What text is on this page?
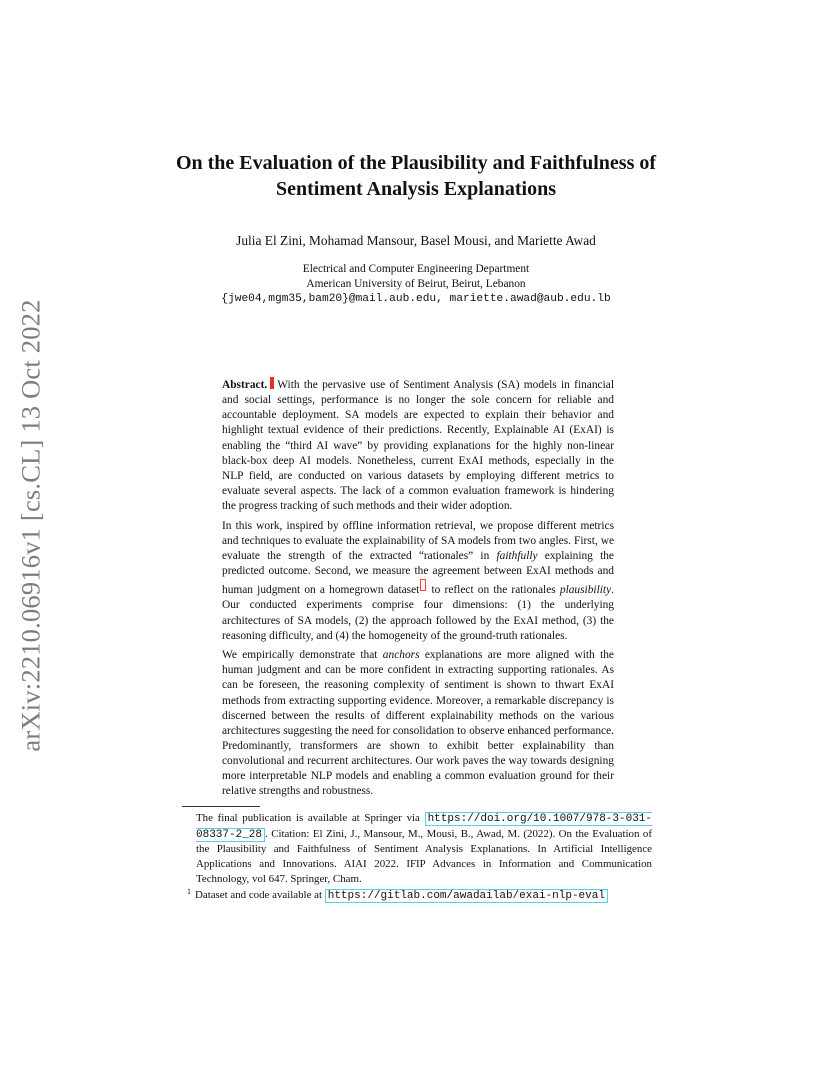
arXiv:2210.06916v1 [cs.CL] 13 Oct 2022
On the Evaluation of the Plausibility and Faithfulness of
Sentiment Analysis Explanations
Julia El Zini, Mohamad Mansour, Basel Mousi, and Mariette Awad
Electrical and Computer Engineering Department
American University of Beirut, Beirut, Lebanon
{jwe04,mgm35,bam20}@mail.aub.edu, mariette.awad@aub.edu.lb

Abstract. With the pervasive use of Sentiment Analysis (SA) models in financial and social settings, performance is no longer the sole concern for reliable and accountable deployment. SA models are expected to explain their behavior and highlight textual evidence of their predictions. Recently, Explainable AI (ExAI) is enabling the “third AI wave” by providing explanations for the highly non-linear black-box deep AI models. Nonetheless, current ExAI methods, especially in the NLP field, are conducted on various datasets by employing different metrics to evaluate several aspects. The lack of a common evaluation framework is hindering the progress tracking of such methods and their wider adoption.

In this work, inspired by offline information retrieval, we propose different metrics and techniques to evaluate the explainability of SA models from two angles. First, we evaluate the strength of the extracted “rationales” in faithfully explaining the predicted outcome. Second, we measure the agreement between ExAI methods and human judgment on a homegrown dataset to reflect on the rationales plausibility. Our conducted experiments comprise four dimensions: (1) the underlying architectures of SA models, (2) the approach followed by the ExAI method, (3) the reasoning difficulty, and (4) the homogeneity of the ground-truth rationales.

We empirically demonstrate that anchors explanations are more aligned with the human judgment and can be more confident in extracting supporting rationales. As can be foreseen, the reasoning complexity of sentiment is shown to thwart ExAI methods from extracting supporting evidence. Moreover, a remarkable discrepancy is discerned between the results of different explainability methods on the various architectures suggesting the need for consolidation to observe enhanced performance. Predominantly, transformers are shown to exhibit better explainability than convolutional and recurrent architectures. Our work paves the way towards designing more interpretable NLP models and enabling a common evaluation ground for their relative strengths and robustness.

The final publication is available at Springer via https://doi.org/10.1007/978-3-031-08337-2_28 . Citation: El Zini, J., Mansour, M., Mousi, B., Awad, M. (2022). On the Evaluation of the Plausibility and Faithfulness of Sentiment Analysis Explanations. In Artificial Intelligence Applications and Innovations. AIAI 2022. IFIP Advances in Information and Communication Technology, vol 647. Springer, Cham.

$^1$ Dataset and code available at https://gitlab.com/awadailab/exai-nlp-eval
